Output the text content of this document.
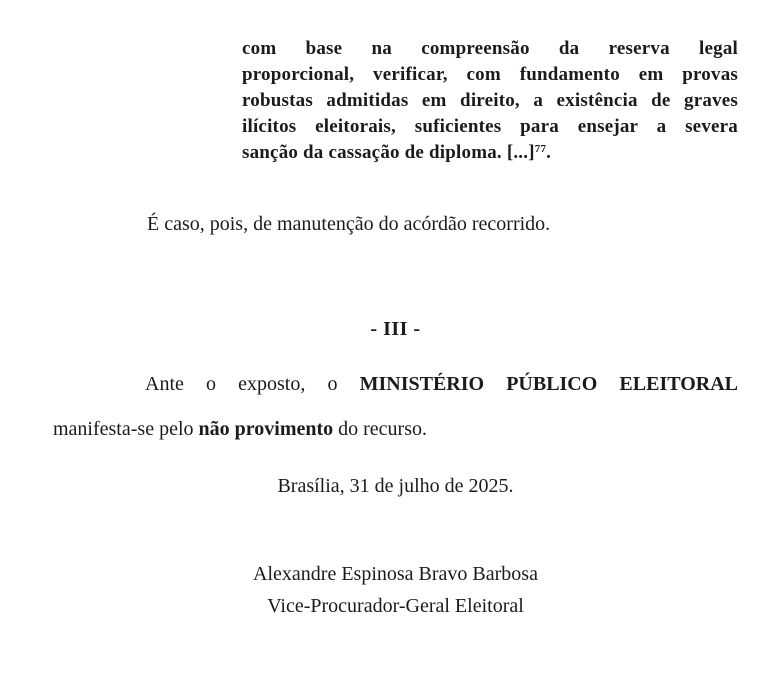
com base na compreensão da reserva legal
proporcional, verificar, com fundamento em provas
robustas admitidas em direito, a existência de graves
ilícitos eleitorais, suficientes para ensejar a severa
sanção da cassação de diploma. [...]$^{77}$.

É caso, pois, de manutenção do acórdão recorrido.

- III -
Ante o exposto, o MINISTÉRIO PÚBLICO ELEITORAL
manifesta-se pelo não provimento do recurso.

Brasília, 31 de julho de 2025.

Alexandre Espinosa Bravo Barbosa
Vice-Procurador-Geral Eleitoral
